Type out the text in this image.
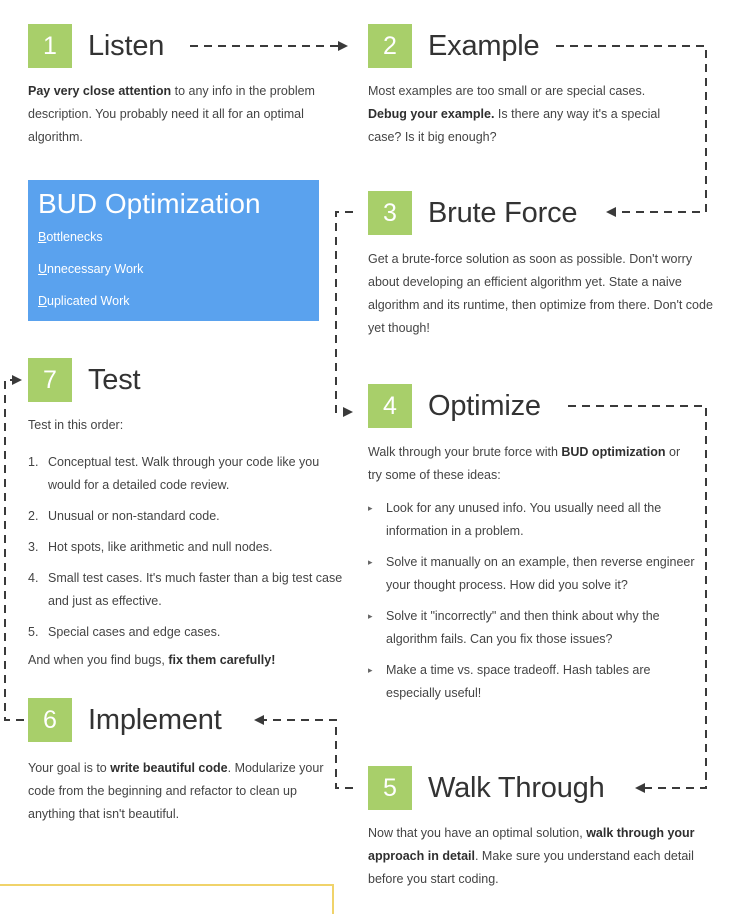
1	Listen
Pay very close attention to any info in the problem description. You probably need it all for an optimal algorithm.
2	Example
Most examples are too small or are special cases. Debug your example. Is there any way it's a special case? Is it big enough?
BUD Optimization
Bottlenecks
Unnecessary Work
Duplicated Work
3	Brute Force
Get a brute-force solution as soon as possible. Don't worry about developing an efficient algorithm yet. State a naive algorithm and its runtime, then optimize from there. Don't code yet though!
7	Test
Test in this order:
1. Conceptual test. Walk through your code like you would for a detailed code review.
2. Unusual or non-standard code.
3. Hot spots, like arithmetic and null nodes.
4. Small test cases. It's much faster than a big test case and just as effective.
5. Special cases and edge cases.
And when you find bugs, fix them carefully!
4	Optimize
Walk through your brute force with BUD optimization or try some of these ideas:
▸ Look for any unused info. You usually need all the information in a problem.
▸ Solve it manually on an example, then reverse engineer your thought process. How did you solve it?
▸ Solve it "incorrectly" and then think about why the algorithm fails. Can you fix those issues?
▸ Make a time vs. space tradeoff. Hash tables are especially useful!
6	Implement
Your goal is to write beautiful code. Modularize your code from the beginning and refactor to clean up anything that isn't beautiful.
5	Walk Through
Now that you have an optimal solution, walk through your approach in detail. Make sure you understand each detail before you start coding.
